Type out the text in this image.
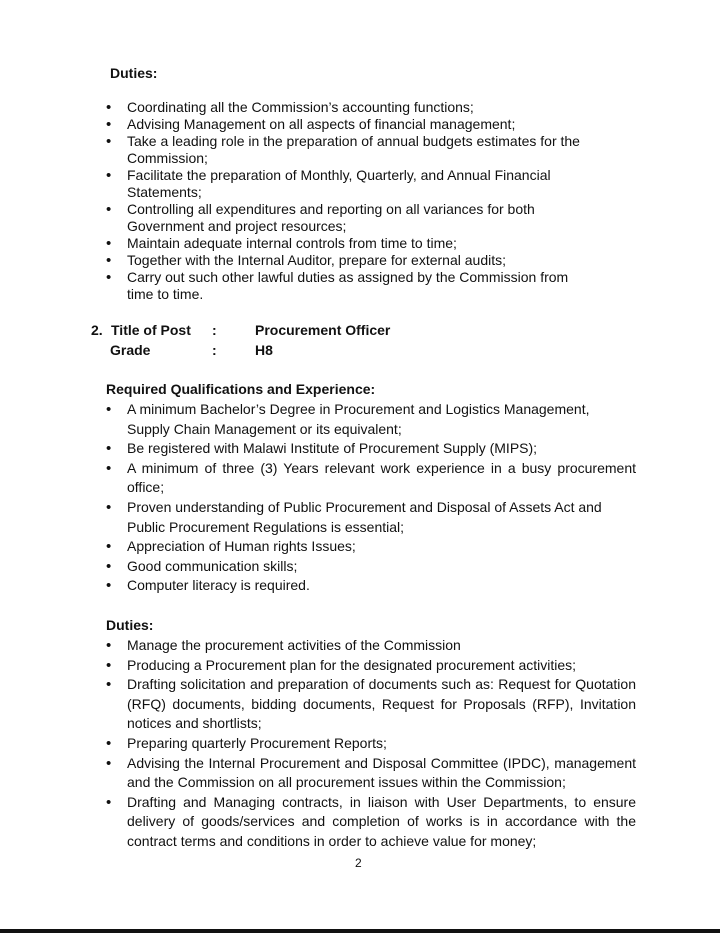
Duties:
• Coordinating all the Commission’s accounting functions;
• Advising Management on all aspects of financial management;
• Take a leading role in the preparation of annual budgets estimates for the Commission;
• Facilitate the preparation of Monthly, Quarterly, and Annual Financial Statements;
• Controlling all expenditures and reporting on all variances for both Government and project resources;
• Maintain adequate internal controls from time to time;
• Together with the Internal Auditor, prepare for external audits;
• Carry out such other lawful duties as assigned by the Commission from time to time.
2. Title of Post :	Procurement Officer
Grade	:	H8
Required Qualifications and Experience:
• A minimum Bachelor’s Degree in Procurement and Logistics Management, Supply Chain Management or its equivalent;
• Be registered with Malawi Institute of Procurement Supply (MIPS);
• A minimum of three (3) Years relevant work experience in a busy procurement office;
• Proven understanding of Public Procurement and Disposal of Assets Act and Public Procurement Regulations is essential;
• Appreciation of Human rights Issues;
• Good communication skills;
• Computer literacy is required.
Duties:
• Manage the procurement activities of the Commission
• Producing a Procurement plan for the designated procurement activities;
• Drafting solicitation and preparation of documents such as: Request for Quotation (RFQ) documents, bidding documents, Request for Proposals (RFP), Invitation notices and shortlists;
• Preparing quarterly Procurement Reports;
• Advising the Internal Procurement and Disposal Committee (IPDC), management and the Commission on all procurement issues within the Commission;
• Drafting and Managing contracts, in liaison with User Departments, to ensure delivery of goods/services and completion of works is in accordance with the contract terms and conditions in order to achieve value for money;
2
